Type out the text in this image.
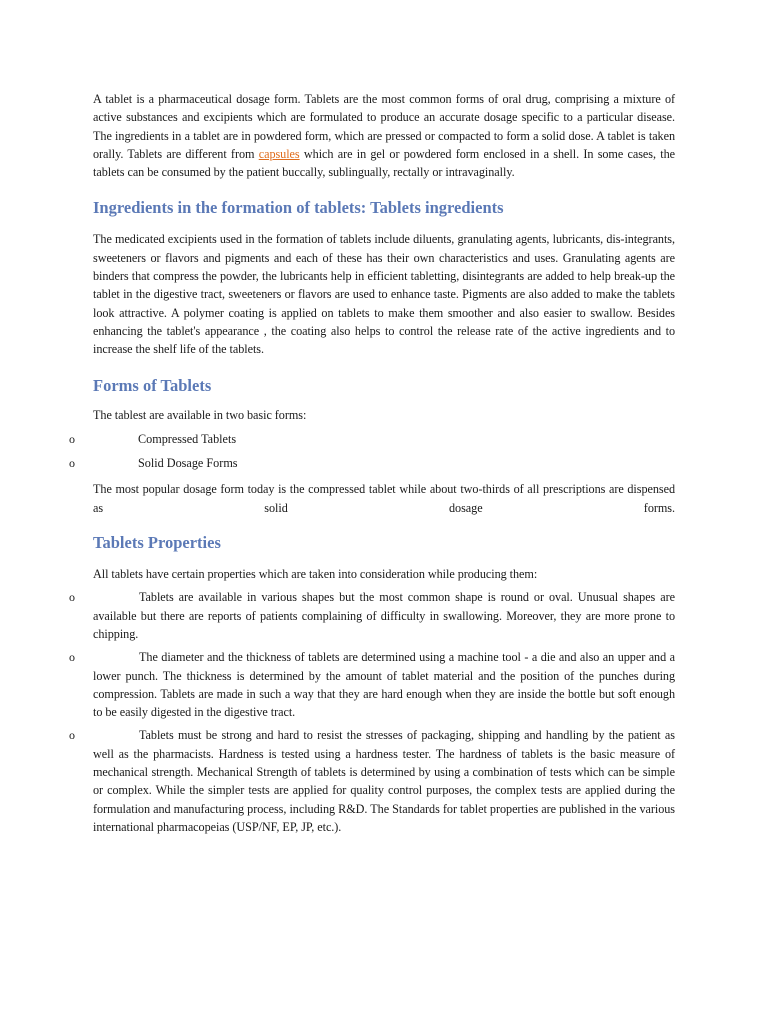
A tablet is a pharmaceutical dosage form. Tablets are the most common forms of oral drug, comprising a mixture of active substances and excipients which are formulated to produce an accurate dosage specific to a particular disease. The ingredients in a tablet are in powdered form, which are pressed or compacted to form a solid dose. A tablet is taken orally. Tablets are different from capsules which are in gel or powdered form enclosed in a shell. In some cases, the tablets can be consumed by the patient buccally, sublingually, rectally or intravaginally.

Ingredients in the formation of tablets: Tablets ingredients

The medicated excipients used in the formation of tablets include diluents, granulating agents, lubricants, dis-integrants, sweeteners or flavors and pigments and each of these has their own characteristics and uses. Granulating agents are binders that compress the powder, the lubricants help in efficient tabletting, disintegrants are added to help break-up the tablet in the digestive tract, sweeteners or flavors are used to enhance taste. Pigments are also added to make the tablets look attractive. A polymer coating is applied on tablets to make them smoother and also easier to swallow. Besides enhancing the tablet's appearance , the coating also helps to control the release rate of the active ingredients and to increase the shelf life of the tablets.

Forms of Tablets

The tablest are available in two basic forms:

o	Compressed Tablets
o	Solid Dosage Forms

The most popular dosage form today is the compressed tablet while about two-thirds of all prescriptions are dispensed as solid dosage forms.

Tablets Properties

All tablets have certain properties which are taken into consideration while producing them:

o	Tablets are available in various shapes but the most common shape is round or oval. Unusual shapes are available but there are reports of patients complaining of difficulty in swallowing. Moreover, they are more prone to chipping.

o	The diameter and the thickness of tablets are determined using a machine tool - a die and also an upper and a lower punch. The thickness is determined by the amount of tablet material and the position of the punches during compression. Tablets are made in such a way that they are hard enough when they are inside the bottle but soft enough to be easily digested in the digestive tract.

o	Tablets must be strong and hard to resist the stresses of packaging, shipping and handling by the patient as well as the pharmacists. Hardness is tested using a hardness tester. The hardness of tablets is the basic measure of mechanical strength. Mechanical Strength of tablets is determined by using a combination of tests which can be simple or complex. While the simpler tests are applied for quality control purposes, the complex tests are applied during the formulation and manufacturing process, including R&D. The Standards for tablet properties are published in the various international pharmacopeias (USP/NF, EP, JP, etc.).
